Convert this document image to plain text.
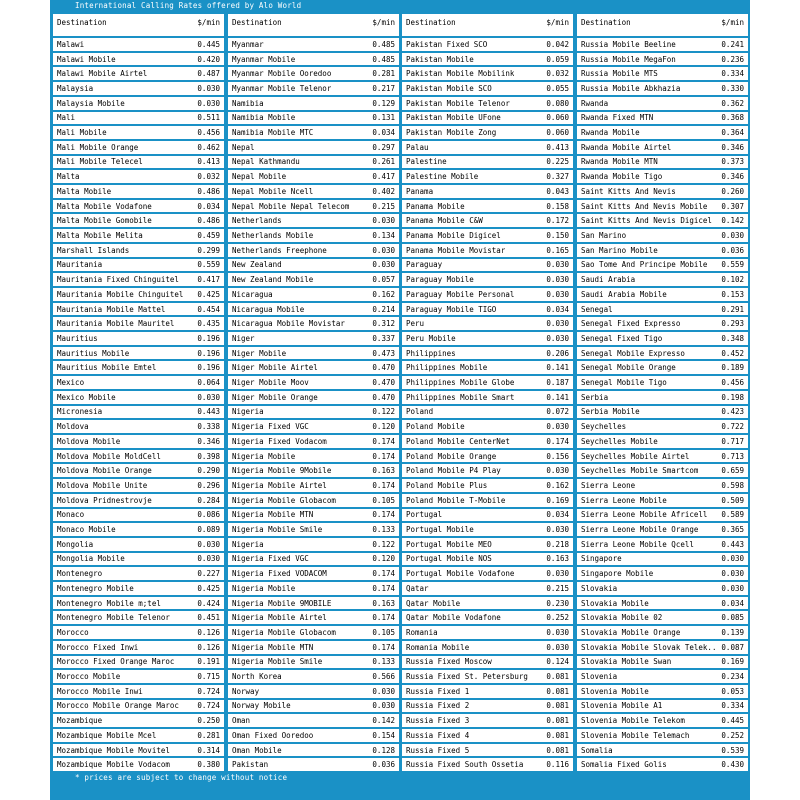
International Calling Rates offered by Alo World
Destination	$/min
Malawi	0.445
Malawi Mobile	0.420
Malawi Mobile Airtel	0.487
Malaysia	0.030
Malaysia Mobile	0.030
Mali	0.511
Mali Mobile	0.456
Mali Mobile Orange	0.462
Mali Mobile Telecel	0.413
Malta	0.032
Malta Mobile	0.486
Malta Mobile Vodafone	0.034
Malta Mobile Gomobile	0.486
Malta Mobile Melita	0.459
Marshall Islands	0.299
Mauritania	0.559
Mauritania Fixed Chinguitel	0.417
Mauritania Mobile Chinguitel	0.425
Mauritania Mobile Mattel	0.454
Mauritania Mobile Mauritel	0.435
Mauritius	0.196
Mauritius Mobile	0.196
Mauritius Mobile Emtel	0.196
Mexico	0.064
Mexico Mobile	0.030
Micronesia	0.443
Moldova	0.338
Moldova Mobile	0.346
Moldova Mobile MoldCell	0.398
Moldova Mobile Orange	0.290
Moldova Mobile Unite	0.296
Moldova Pridnestrovje	0.284
Monaco	0.086
Monaco Mobile	0.089
Mongolia	0.030
Mongolia Mobile	0.030
Montenegro	0.227
Montenegro Mobile	0.425
Montenegro Mobile m;tel	0.424
Montenegro Mobile Telenor	0.451
Morocco	0.126
Morocco Fixed Inwi	0.126
Morocco Fixed Orange Maroc	0.191
Morocco Mobile	0.715
Morocco Mobile Inwi	0.724
Morocco Mobile Orange Maroc	0.724
Mozambique	0.250
Mozambique Mobile Mcel	0.281
Mozambique Mobile Movitel	0.314
Mozambique Mobile Vodacom	0.380
Destination	$/min
Myanmar	0.485
Myanmar Mobile	0.485
Myanmar Mobile Ooredoo	0.281
Myanmar Mobile Telenor	0.217
Namibia	0.129
Namibia Mobile	0.131
Namibia Mobile MTC	0.034
Nepal	0.297
Nepal Kathmandu	0.261
Nepal Mobile	0.417
Nepal Mobile Ncell	0.402
Nepal Mobile Nepal Telecom	0.215
Netherlands	0.030
Netherlands Mobile	0.134
Netherlands Freephone	0.030
New Zealand	0.030
New Zealand Mobile	0.057
Nicaragua	0.162
Nicaragua Mobile	0.214
Nicaragua Mobile Movistar	0.312
Niger	0.337
Niger Mobile	0.473
Niger Mobile Airtel	0.470
Niger Mobile Moov	0.470
Niger Mobile Orange	0.470
Nigeria	0.122
Nigeria Fixed VGC	0.120
Nigeria Fixed Vodacom	0.174
Nigeria Mobile	0.174
Nigeria Mobile 9Mobile	0.163
Nigeria Mobile Airtel	0.174
Nigeria Mobile Globacom	0.105
Nigeria Mobile MTN	0.174
Nigeria Mobile Smile	0.133
Nigeria	0.122
Nigeria Fixed VGC	0.120
Nigeria Fixed VODACOM	0.174
Nigeria Mobile	0.174
Nigeria Mobile 9MOBILE	0.163
Nigeria Mobile Airtel	0.174
Nigeria Mobile Globacom	0.105
Nigeria Mobile MTN	0.174
Nigeria Mobile Smile	0.133
North Korea	0.566
Norway	0.030
Norway Mobile	0.030
Oman	0.142
Oman Fixed Ooredoo	0.154
Oman Mobile	0.128
Pakistan	0.036
Destination	$/min
Pakistan Fixed SCO	0.042
Pakistan Mobile	0.059
Pakistan Mobile Mobilink	0.032
Pakistan Mobile SCO	0.055
Pakistan Mobile Telenor	0.080
Pakistan Mobile UFone	0.060
Pakistan Mobile Zong	0.060
Palau	0.413
Palestine	0.225
Palestine Mobile	0.327
Panama	0.043
Panama Mobile	0.158
Panama Mobile C&W	0.172
Panama Mobile Digicel	0.150
Panama Mobile Movistar	0.165
Paraguay	0.030
Paraguay Mobile	0.030
Paraguay Mobile Personal	0.030
Paraguay Mobile TIGO	0.034
Peru	0.030
Peru Mobile	0.030
Philippines	0.206
Philippines Mobile	0.141
Philippines Mobile Globe	0.187
Philippines Mobile Smart	0.141
Poland	0.072
Poland Mobile	0.030
Poland Mobile CenterNet	0.174
Poland Mobile Orange	0.156
Poland Mobile P4 Play	0.030
Poland Mobile Plus	0.162
Poland Mobile T-Mobile	0.169
Portugal	0.034
Portugal Mobile	0.030
Portugal Mobile MEO	0.218
Portugal Mobile NOS	0.163
Portugal Mobile Vodafone	0.030
Qatar	0.215
Qatar Mobile	0.230
Qatar Mobile Vodafone	0.252
Romania	0.030
Romania Mobile	0.030
Russia Fixed Moscow	0.124
Russia Fixed St. Petersburg	0.081
Russia Fixed 1	0.081
Russia Fixed 2	0.081
Russia Fixed 3	0.081
Russia Fixed 4	0.081
Russia Fixed 5	0.081
Russia Fixed South Ossetia	0.116
Destination	$/min
Russia Mobile Beeline	0.241
Russia Mobile MegaFon	0.236
Russia Mobile MTS	0.334
Russia Mobile Abkhazia	0.330
Rwanda	0.362
Rwanda Fixed MTN	0.368
Rwanda Mobile	0.364
Rwanda Mobile Airtel	0.346
Rwanda Mobile MTN	0.373
Rwanda Mobile Tigo	0.346
Saint Kitts And Nevis	0.260
Saint Kitts And Nevis Mobile	0.307
Saint Kitts And Nevis Digicel	0.142
San Marino	0.030
San Marino Mobile	0.036
Sao Tome And Principe Mobile	0.559
Saudi Arabia	0.102
Saudi Arabia Mobile	0.153
Senegal	0.291
Senegal Fixed Expresso	0.293
Senegal Fixed Tigo	0.348
Senegal Mobile Expresso	0.452
Senegal Mobile Orange	0.189
Senegal Mobile Tigo	0.456
Serbia	0.198
Serbia Mobile	0.423
Seychelles	0.722
Seychelles Mobile	0.717
Seychelles Mobile Airtel	0.713
Seychelles Mobile Smartcom	0.659
Sierra Leone	0.598
Sierra Leone Mobile	0.509
Sierra Leone Mobile Africell	0.589
Sierra Leone Mobile Orange	0.365
Sierra Leone Mobile Qcell	0.443
Singapore	0.030
Singapore Mobile	0.030
Slovakia	0.030
Slovakia Mobile	0.034
Slovakia Mobile 02	0.085
Slovakia Mobile Orange	0.139
Slovakia Mobile Slovak Telek.. 0.087
Slovakia Mobile Swan	0.169
Slovenia	0.234
Slovenia Mobile	0.053
Slovenia Mobile A1	0.334
Slovenia Mobile Telekom	0.445
Slovenia Mobile Telemach	0.252
Somalia	0.539
Somalia Fixed Golis	0.430
* prices are subject to change without notice
